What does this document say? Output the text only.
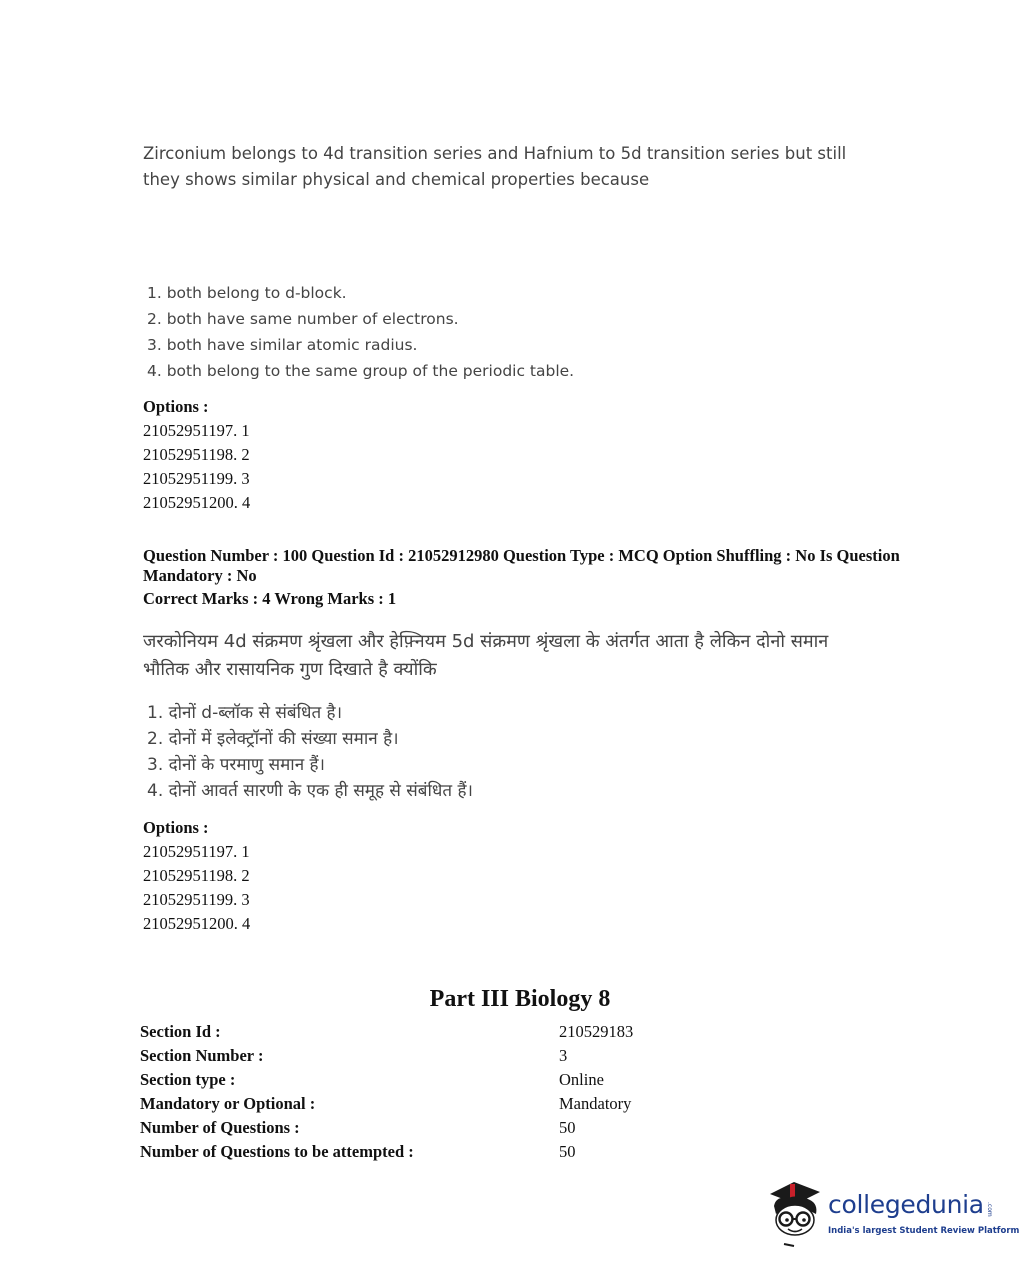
Zirconium belongs to 4d transition series and Hafnium to 5d transition series but still they shows similar physical and chemical properties because
1. both belong to d-block.
2. both have same number of electrons.
3. both have similar atomic radius.
4. both belong to the same group of the periodic table.
Options :
21052951197. 1
21052951198. 2
21052951199. 3
21052951200. 4
Question Number : 100 Question Id : 21052912980 Question Type : MCQ Option Shuffling : No Is Question Mandatory : No
Correct Marks : 4 Wrong Marks : 1
जरकोनियम 4d संक्रमण श्रृंखला और हेफ़्नियम 5d संक्रमण श्रृंखला के अंतर्गत आता है लेकिन दोनो समान भौतिक और रासायनिक गुण दिखाते है क्योंकि
1. दोनों d-ब्लॉक से संबंधित है।
2. दोनों में इलेक्ट्रॉनों की संख्या समान है।
3. दोनों के परमाणु समान हैं।
4. दोनों आवर्त सारणी के एक ही समूह से संबंधित हैं।
Options :
21052951197. 1
21052951198. 2
21052951199. 3
21052951200. 4
Part III Biology 8
Section Id :	210529183
Section Number :	3
Section type :	Online
Mandatory or Optional :	Mandatory
Number of Questions :	50
Number of Questions to be attempted :	50
collegedunia .com
India's largest Student Review Platform
